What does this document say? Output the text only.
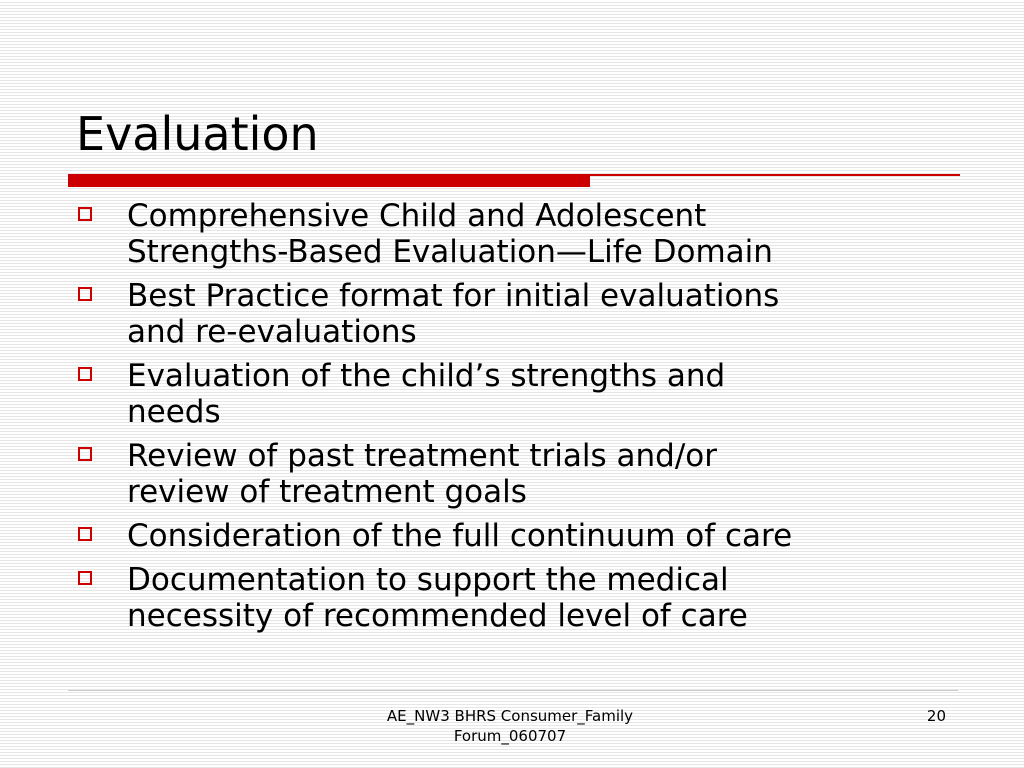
Evaluation
Comprehensive Child and Adolescent
Strengths-Based Evaluation—Life Domain
Best Practice format for initial evaluations
and re-evaluations
Evaluation of the child’s strengths and
needs
Review of past treatment trials and/or
review of treatment goals
Consideration of the full continuum of care
Documentation to support the medical
necessity of recommended level of care
AE_NW3 BHRS Consumer_Family
Forum_060707
20
